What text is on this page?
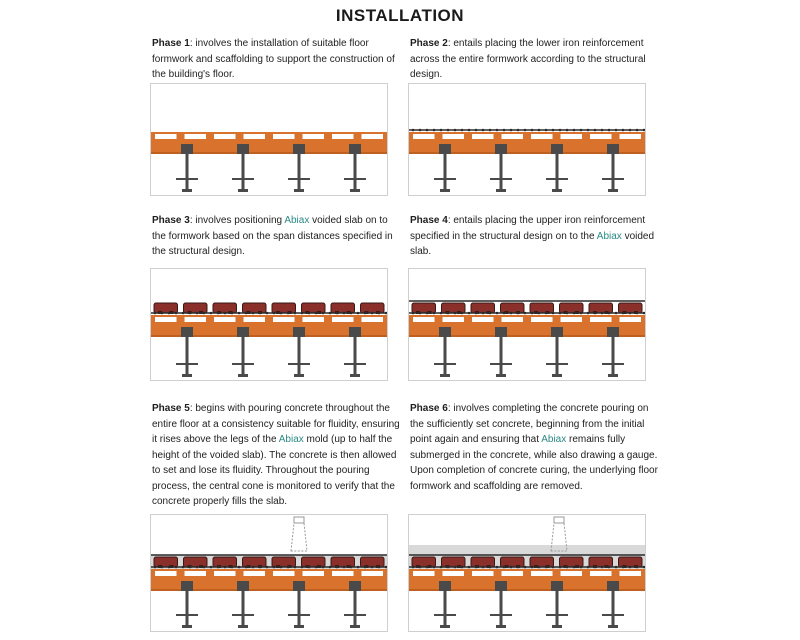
INSTALLATION

Phase 1: involves the installation of suitable floor formwork and scaffolding to support the construction of the building's floor.

Phase 2: entails placing the lower iron reinforcement across the entire formwork according to the structural design.

Phase 3: involves positioning Abiax voided slab on to the formwork based on the span distances specified in the structural design.

Phase 4: entails placing the upper iron reinforcement specified in the structural design on to the Abiax voided slab.

Phase 5: begins with pouring concrete throughout the entire floor at a consistency suitable for fluidity, ensuring it rises above the legs of the Abiax mold (up to half the height of the voided slab). The concrete is then allowed to set and lose its fluidity. Throughout the pouring process, the central cone is monitored to verify that the concrete properly fills the slab.

Phase 6: involves completing the concrete pouring on the sufficiently set concrete, beginning from the initial point again and ensuring that Abiax remains fully submerged in the concrete, while also drawing a gauge.
Upon completion of concrete curing, the underlying floor formwork and scaffolding are removed.
